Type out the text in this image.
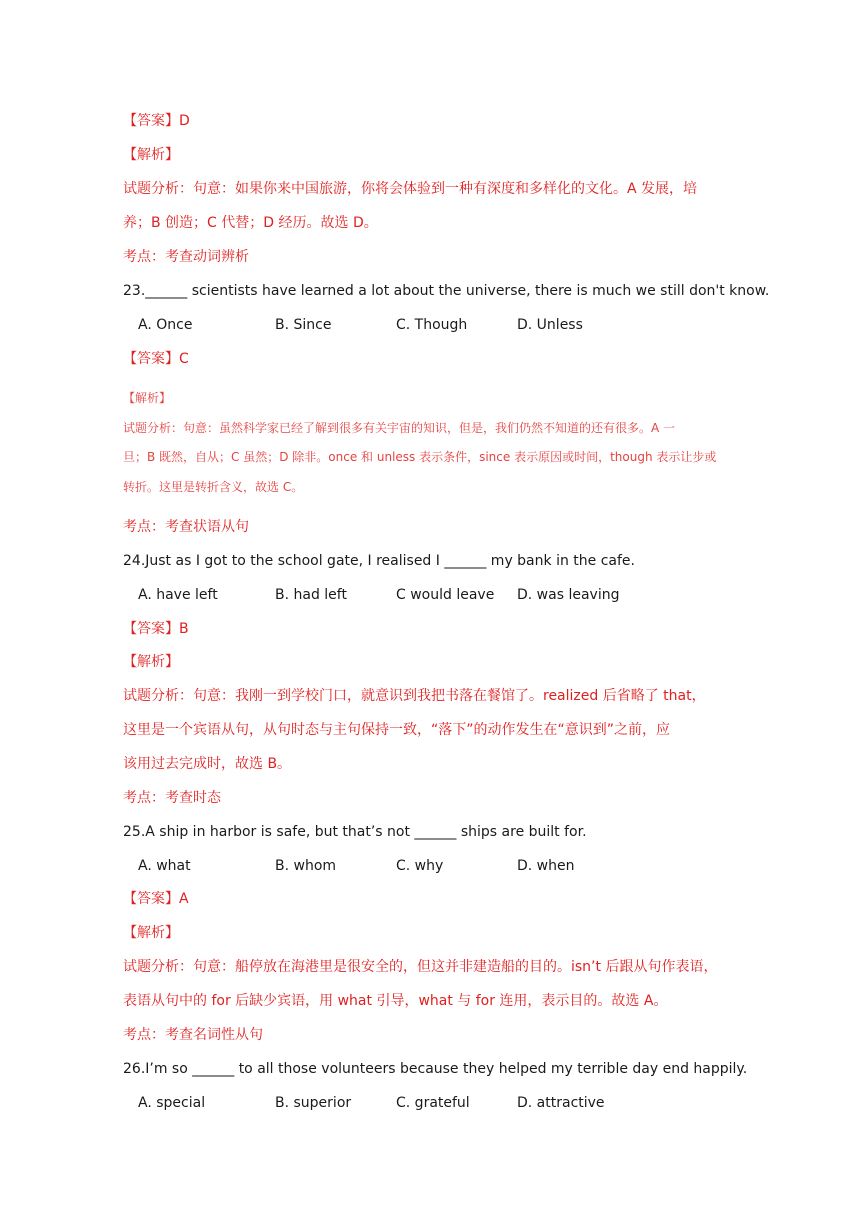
【答案】D
【解析】
试题分析：句意：如果你来中国旅游，你将会体验到一种有深度和多样化的文化。A 发展，培
养；B 创造；C 代替；D 经历。故选 D。
考点：考查动词辨析
23.______ scientists have learned a lot about the universe, there is much we still don't know.
A. Once	B. Since	C. Though	D. Unless
【答案】C
【解析】
试题分析：句意：虽然科学家已经了解到很多有关宇宙的知识，但是，我们仍然不知道的还有很多。A 一
旦；B 既然，自从；C 虽然；D 除非。once 和 unless 表示条件，since 表示原因或时间，though 表示让步或
转折。这里是转折含义，故选 C。
考点：考查状语从句
24.Just as I got to the school gate, I realised I ______ my bank in the cafe.
A. have left	B. had left	C would leave D. was leaving
【答案】B
【解析】
试题分析：句意：我刚一到学校门口，就意识到我把书落在餐馆了。realized 后省略了 that，
这里是一个宾语从句，从句时态与主句保持一致，“落下”的动作发生在“意识到”之前，应
该用过去完成时，故选 B。
考点：考查时态
25.A ship in harbor is safe, but that’s not ______ ships are built for.
A. what	B. whom	C. why	D. when
【答案】A
【解析】
试题分析：句意：船停放在海港里是很安全的，但这并非建造船的目的。isn’t 后跟从句作表语，
表语从句中的 for 后缺少宾语，用 what 引导，what 与 for 连用，表示目的。故选 A。
考点：考查名词性从句
26.I’m so ______ to all those volunteers because they helped my terrible day end happily.
A. special	B. superior	C. grateful	D. attractive
